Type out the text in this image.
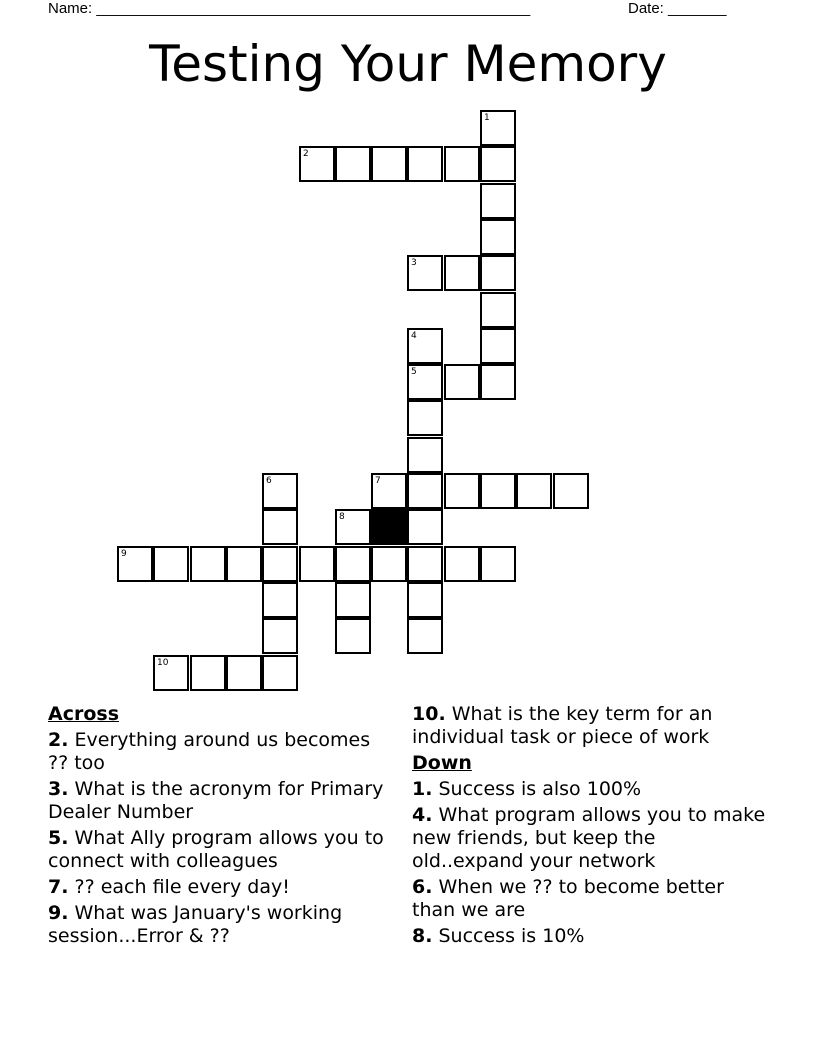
Name: ____________________________________________________	Date: _______
Testing Your Memory
1
2
3
4
5
7
6
8
9
10
Across
2. Everything around us becomes ?? too
3. What is the acronym for Primary Dealer Number
5. What Ally program allows you to connect with colleagues
7. ?? each file every day!
9. What was January's working session...Error & ??
10. What is the key term for an individual task or piece of work
Down
1. Success is also 100%
4. What program allows you to make new friends, but keep the old..expand your network
6. When we ?? to become better than we are
8. Success is 10%
